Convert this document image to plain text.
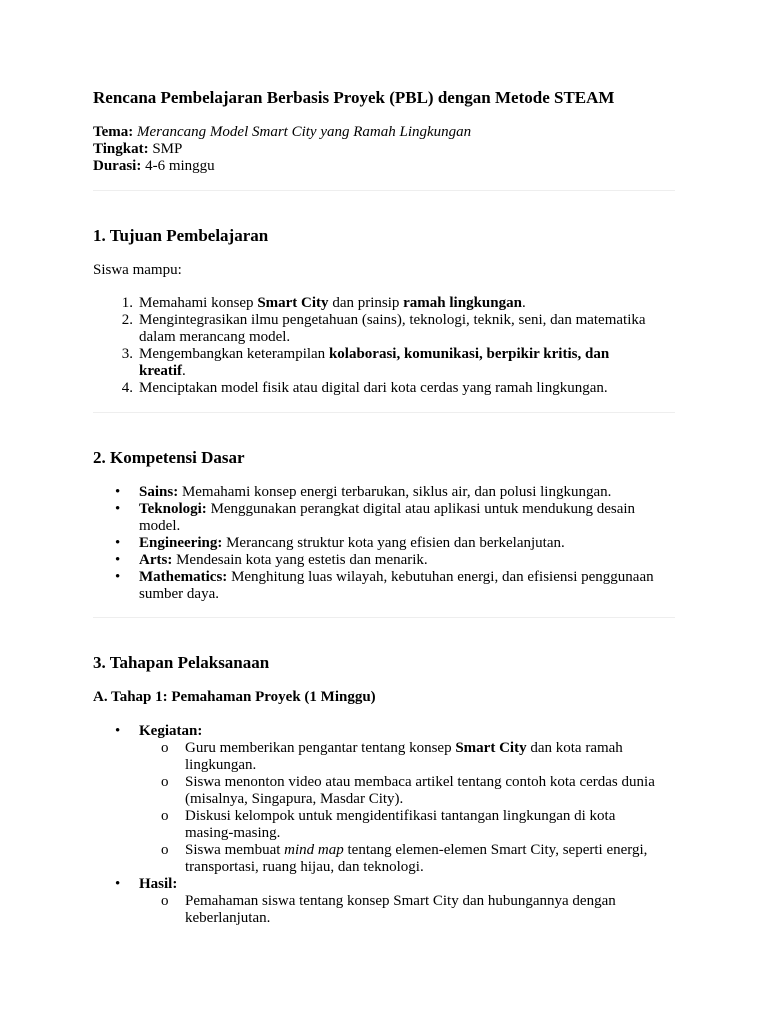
Rencana Pembelajaran Berbasis Proyek (PBL) dengan Metode STEAM
Tema: Merancang Model Smart City yang Ramah Lingkungan
Tingkat: SMP
Durasi: 4-6 minggu
1. Tujuan Pembelajaran

Siswa mampu:

1. Memahami konsep Smart City dan prinsip ramah lingkungan.
2. Mengintegrasikan ilmu pengetahuan (sains), teknologi, teknik, seni, dan matematika
dalam merancang model.
3. Mengembangkan keterampilan kolaborasi, komunikasi, berpikir kritis, dan
kreatif.
4. Menciptakan model fisik atau digital dari kota cerdas yang ramah lingkungan.
2. Kompetensi Dasar
• Sains: Memahami konsep energi terbarukan, siklus air, dan polusi lingkungan.
• Teknologi: Menggunakan perangkat digital atau aplikasi untuk mendukung desain
model.
• Engineering: Merancang struktur kota yang efisien dan berkelanjutan.
• Arts: Mendesain kota yang estetis dan menarik.
• Mathematics: Menghitung luas wilayah, kebutuhan energi, dan efisiensi penggunaan
sumber daya.
3. Tahapan Pelaksanaan
A. Tahap 1: Pemahaman Proyek (1 Minggu)
• Kegiatan:
o Guru memberikan pengantar tentang konsep Smart City dan kota ramah
lingkungan.
o Siswa menonton video atau membaca artikel tentang contoh kota cerdas dunia
(misalnya, Singapura, Masdar City).
o Diskusi kelompok untuk mengidentifikasi tantangan lingkungan di kota
masing-masing.
o Siswa membuat mind map tentang elemen-elemen Smart City, seperti energi,
transportasi, ruang hijau, dan teknologi.
• Hasil:
o Pemahaman siswa tentang konsep Smart City dan hubungannya dengan
keberlanjutan.
